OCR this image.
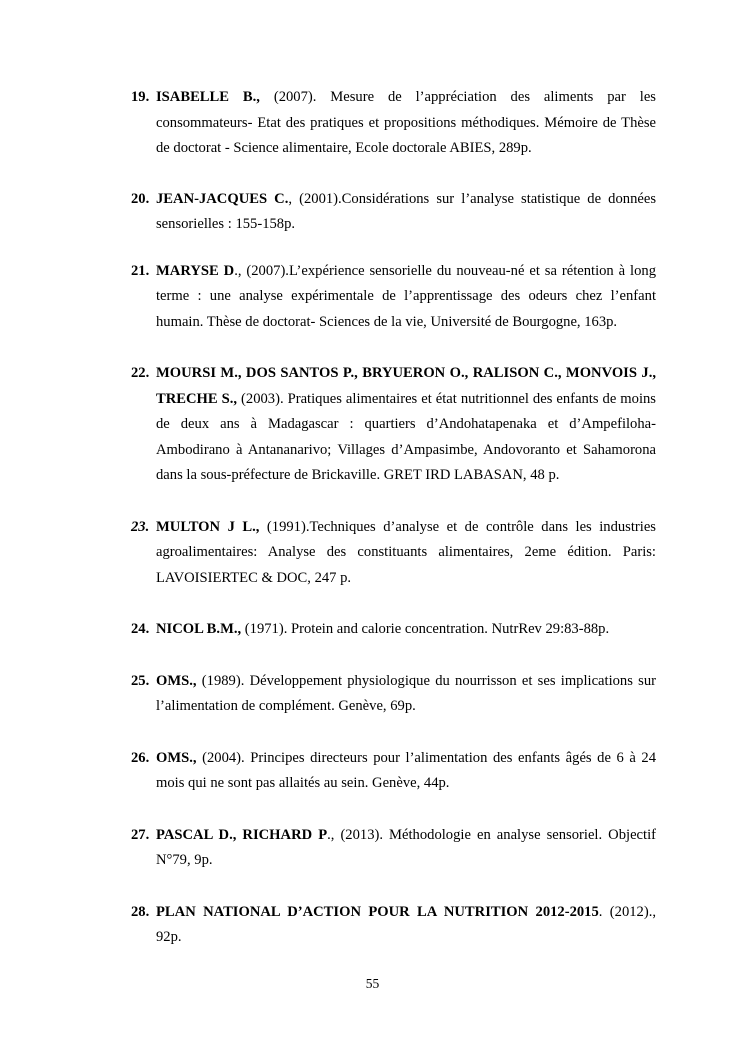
19. ISABELLE B., (2007). Mesure de l’appréciation des aliments par les consommateurs- Etat des pratiques et propositions méthodiques. Mémoire de Thèse de doctorat - Science alimentaire, Ecole doctorale ABIES, 289p.
20. JEAN-JACQUES C., (2001).Considérations sur l’analyse statistique de données sensorielles : 155-158p.
21. MARYSE D., (2007).L’expérience sensorielle du nouveau-né et sa rétention à long terme : une analyse expérimentale de l’apprentissage des odeurs chez l’enfant humain. Thèse de doctorat- Sciences de la vie, Université de Bourgogne, 163p.
22. MOURSI M., DOS SANTOS P., BRYUERON O., RALISON C., MONVOIS J., TRECHE S., (2003). Pratiques alimentaires et état nutritionnel des enfants de moins de deux ans à Madagascar : quartiers d’Andohatapenaka et d’Ampefiloha-Ambodirano à Antananarivo; Villages d’Ampasimbe, Andovoranto et Sahamorona dans la sous-préfecture de Brickaville. GRET IRD LABASAN, 48 p.
23. MULTON J L., (1991).Techniques d’analyse et de contrôle dans les industries agroalimentaires: Analyse des constituants alimentaires, 2eme édition. Paris: LAVOISIERTEC & DOC, 247 p.
24. NICOL B.M., (1971). Protein and calorie concentration. NutrRev 29:83-88p.
25. OMS., (1989). Développement physiologique du nourrisson et ses implications sur l’alimentation de complément. Genève, 69p.
26. OMS., (2004). Principes directeurs pour l’alimentation des enfants âgés de 6 à 24 mois qui ne sont pas allaités au sein. Genève, 44p.
27. PASCAL D., RICHARD P., (2013). Méthodologie en analyse sensoriel. Objectif N°79, 9p.
28. PLAN NATIONAL D’ACTION POUR LA NUTRITION 2012-2015. (2012)., 92p.
55
